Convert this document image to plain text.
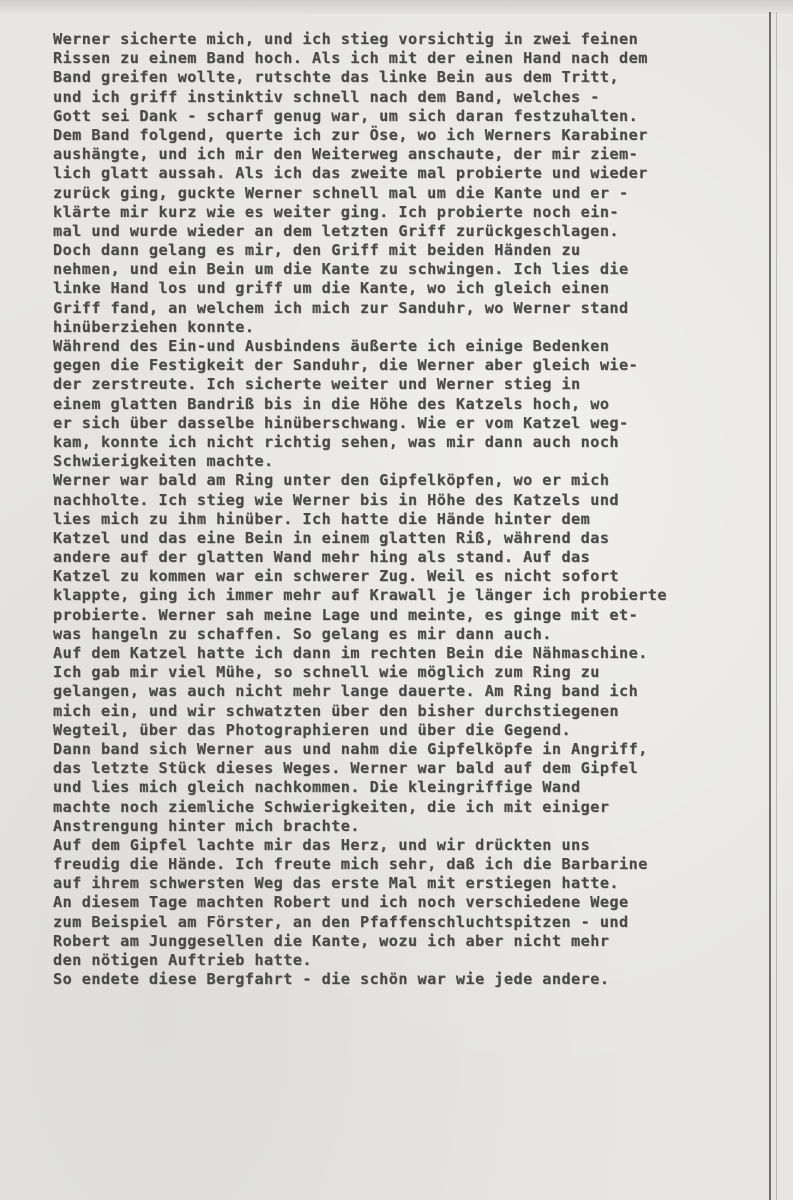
Werner sicherte mich, und ich stieg vorsichtig in zwei feinen
Rissen zu einem Band hoch. Als ich mit der einen Hand nach dem
Band greifen wollte, rutschte das linke Bein aus dem Tritt,
und ich griff instinktiv schnell nach dem Band, welches -
Gott sei Dank - scharf genug war, um sich daran festzuhalten.
Dem Band folgend, querte ich zur Öse, wo ich Werners Karabiner
aushängte, und ich mir den Weiterweg anschaute, der mir ziem-
lich glatt aussah. Als ich das zweite mal probierte und wieder
zurück ging, guckte Werner schnell mal um die Kante und er -
klärte mir kurz wie es weiter ging. Ich probierte noch ein-
mal und wurde wieder an dem letzten Griff zurückgeschlagen.
Doch dann gelang es mir, den Griff mit beiden Händen zu
nehmen, und ein Bein um die Kante zu schwingen. Ich lies die
linke Hand los und griff um die Kante, wo ich gleich einen
Griff fand, an welchem ich mich zur Sanduhr, wo Werner stand
hinüberziehen konnte.
Während des Ein-und Ausbindens äußerte ich einige Bedenken
gegen die Festigkeit der Sanduhr, die Werner aber gleich wie-
der zerstreute. Ich sicherte weiter und Werner stieg in
einem glatten Bandriß bis in die Höhe des Katzels hoch, wo
er sich über dasselbe hinüberschwang. Wie er vom Katzel weg-
kam, konnte ich nicht richtig sehen, was mir dann auch noch
Schwierigkeiten machte.
Werner war bald am Ring unter den Gipfelköpfen, wo er mich
nachholte. Ich stieg wie Werner bis in Höhe des Katzels und
lies mich zu ihm hinüber. Ich hatte die Hände hinter dem
Katzel und das eine Bein in einem glatten Riß, während das
andere auf der glatten Wand mehr hing als stand. Auf das
Katzel zu kommen war ein schwerer Zug. Weil es nicht sofort
klappte, ging ich immer mehr auf Krawall je länger ich probierte
probierte. Werner sah meine Lage und meinte, es ginge mit et-
was hangeln zu schaffen. So gelang es mir dann auch.
Auf dem Katzel hatte ich dann im rechten Bein die Nähmaschine.
Ich gab mir viel Mühe, so schnell wie möglich zum Ring zu
gelangen, was auch nicht mehr lange dauerte. Am Ring band ich
mich ein, und wir schwatzten über den bisher durchstiegenen
Wegteil, über das Photographieren und über die Gegend.
Dann band sich Werner aus und nahm die Gipfelköpfe in Angriff,
das letzte Stück dieses Weges. Werner war bald auf dem Gipfel
und lies mich gleich nachkommen. Die kleingriffige Wand
machte noch ziemliche Schwierigkeiten, die ich mit einiger
Anstrengung hinter mich brachte.
Auf dem Gipfel lachte mir das Herz, und wir drückten uns
freudig die Hände. Ich freute mich sehr, daß ich die Barbarine
auf ihrem schwersten Weg das erste Mal mit erstiegen hatte.
An diesem Tage machten Robert und ich noch verschiedene Wege
zum Beispiel am Förster, an den Pfaffenschluchtspitzen - und
Robert am Junggesellen die Kante, wozu ich aber nicht mehr
den nötigen Auftrieb hatte.
So endete diese Bergfahrt - die schön war wie jede andere.
